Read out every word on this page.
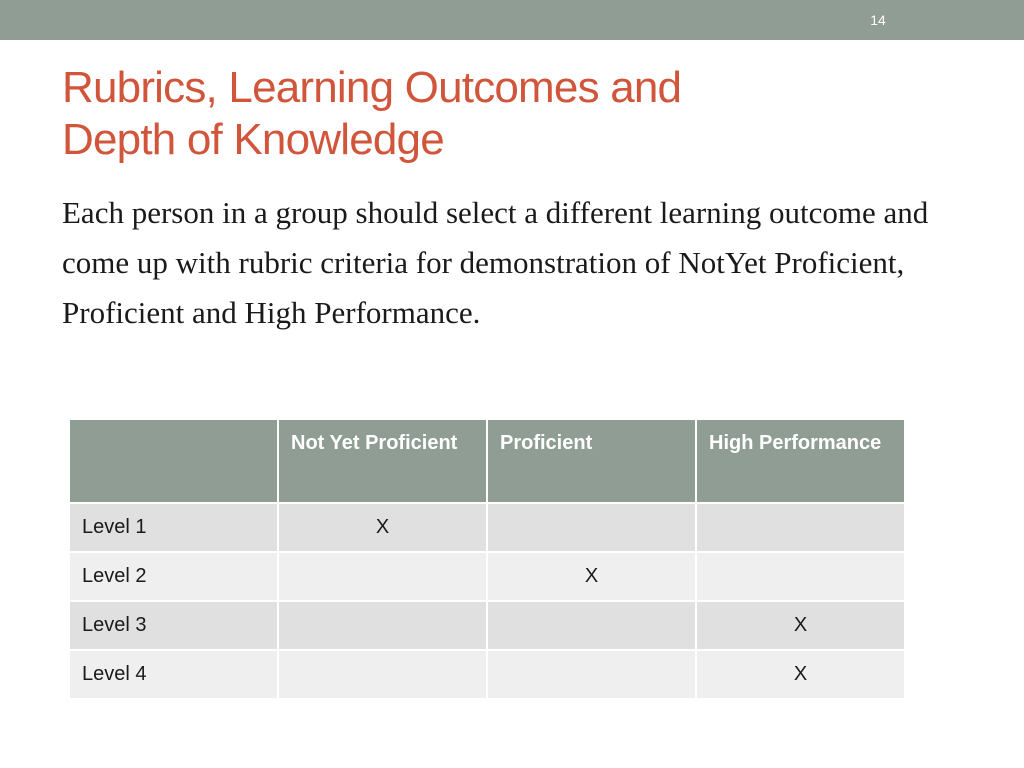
14
Rubrics, Learning Outcomes and
Depth of Knowledge

Each person in a group should select a different learning outcome and come up with rubric criteria for demonstration of NotYet Proficient, Proficient and High Performance.

	Not Yet Proficient	Proficient	High Performance
Level 1	X		
Level 2		X	
Level 3			X
Level 4			X
